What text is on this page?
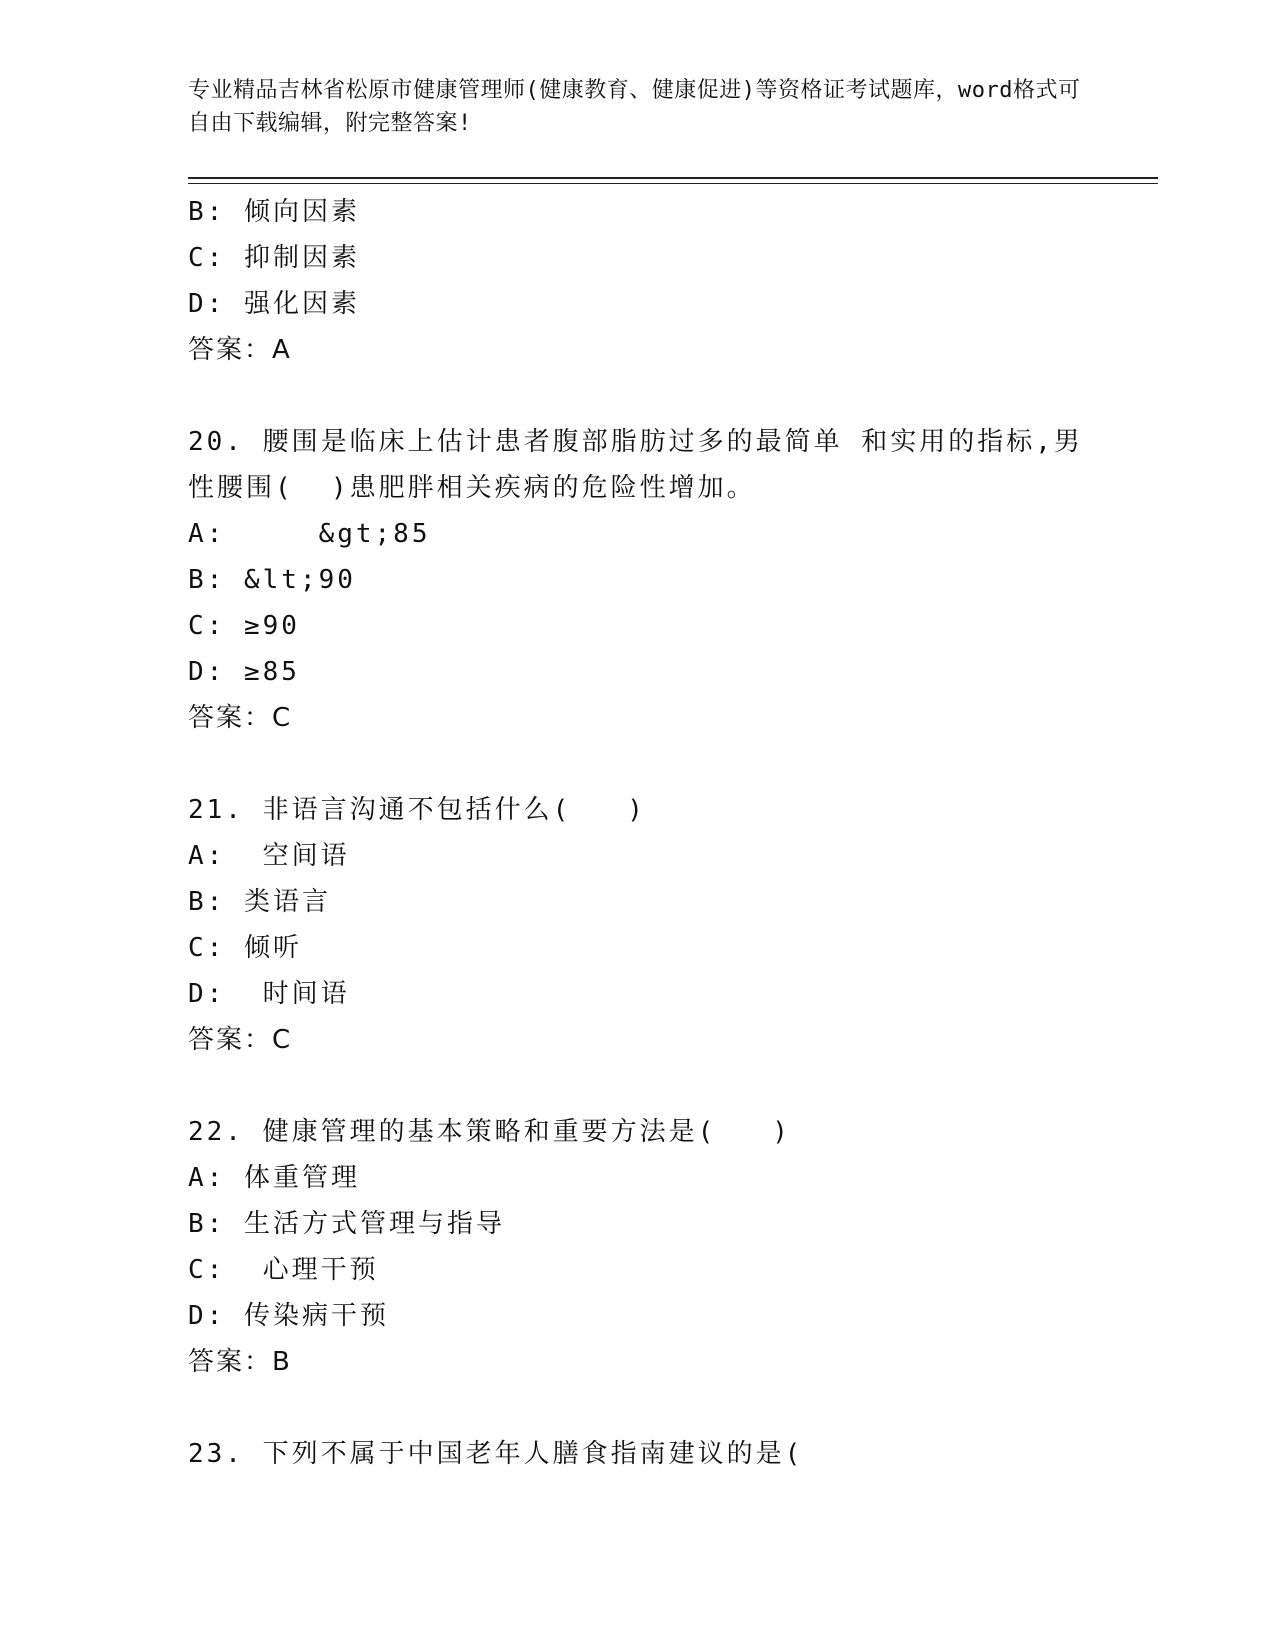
专业精品吉林省松原市健康管理师(健康教育、健康促进)等资格证考试题库，word格式可自由下载编辑，附完整答案!
B: 倾向因素
C: 抑制因素
D: 强化因素
答案：A
20. 腰围是临床上估计患者腹部脂肪过多的最简单 和实用的指标,男
性腰围(  )患肥胖相关疾病的危险性增加。
A:     &gt;85
B: &lt;90
C: ≥90
D: ≥85
答案：C
21. 非语言沟通不包括什么(   )
A:  空间语
B: 类语言
C: 倾听
D:  时间语
答案：C
22. 健康管理的基本策略和重要方法是(   )
A: 体重管理
B: 生活方式管理与指导
C:  心理干预
D: 传染病干预
答案：B
23. 下列不属于中国老年人膳食指南建议的是(
